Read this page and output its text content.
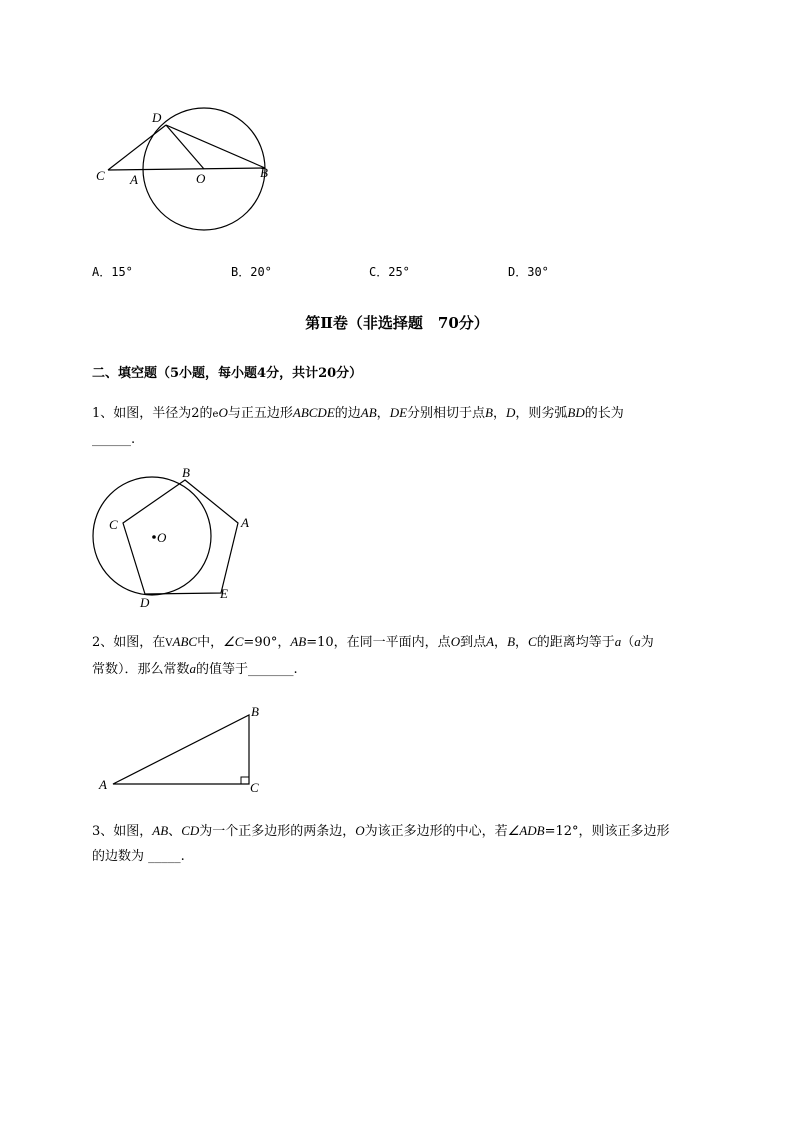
C A	O	B
D
A．15°	B．20°	C．25°	D．30°
第Ⅱ卷（非选择题　70分）
二、填空题（5小题，每小题4分，共计20分）
1、如图，半径为2的eO与正五边形ABCDE的边AB，DE分别相切于点B，D，则劣弧BD的长为
______.
B
C
O
A
D
E
2、如图，在VABC中，∠C=90°，AB=10，在同一平面内，点O到点A，B，C的距离均等于a（a为
常数）．那么常数a的值等于_______.
A
B
C
3、如图，AB、CD为一个正多边形的两条边，O为该正多边形的中心，若∠ADB=12°，则该正多边形
的边数为 _____.
